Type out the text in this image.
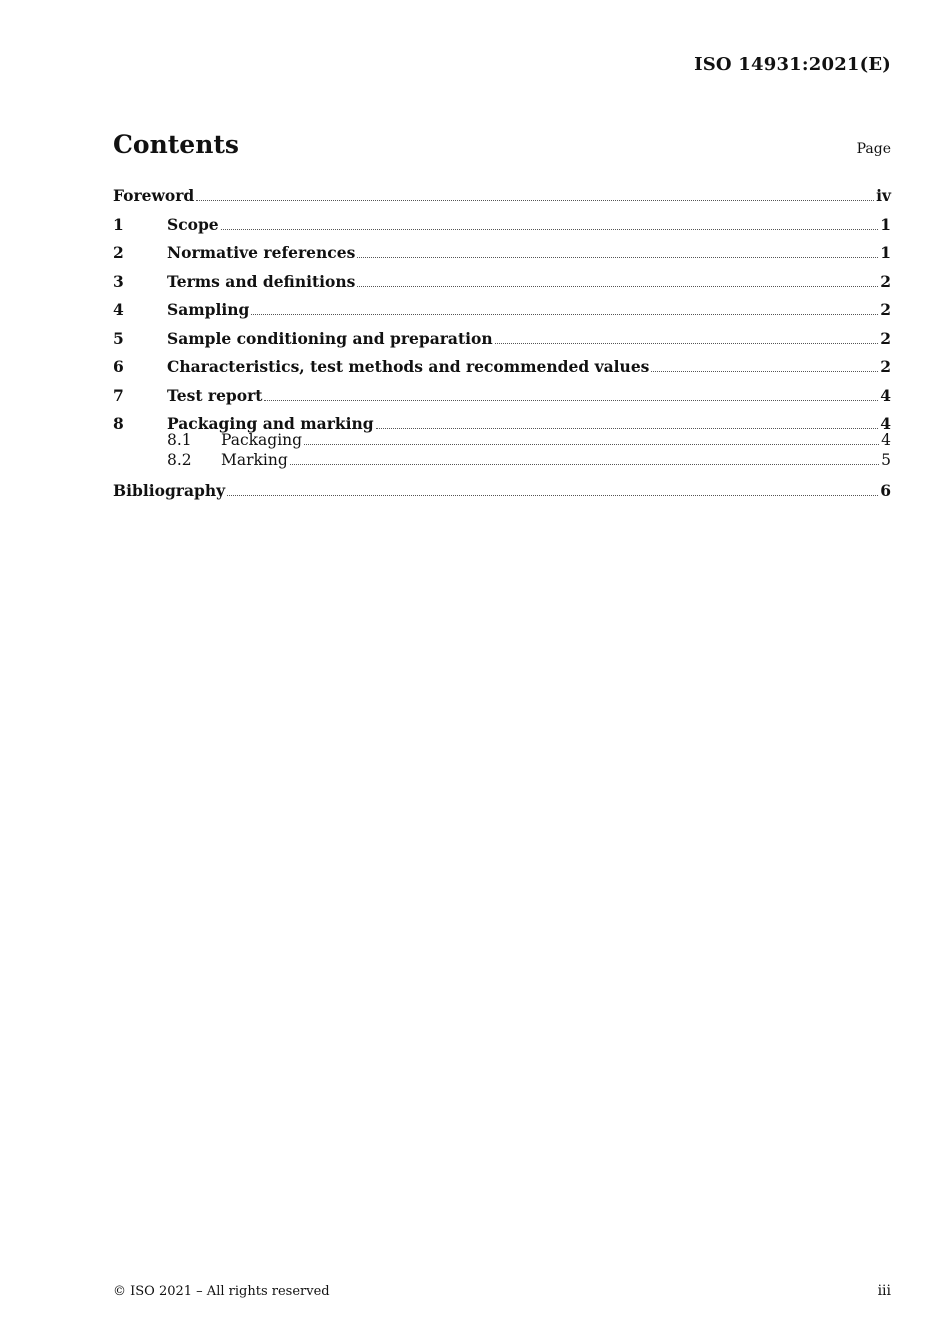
ISO 14931:2021(E)
Contents	Page
Foreword	iv
1	Scope	1
2	Normative references	1
3	Terms and definitions	2
4	Sampling	2
5	Sample conditioning and preparation	2
6	Characteristics, test methods and recommended values	2
7	Test report	4
8	Packaging and marking	4
8.1	Packaging	4
8.2	Marking	5
Bibliography	6
© ISO 2021 – All rights reserved	iii
